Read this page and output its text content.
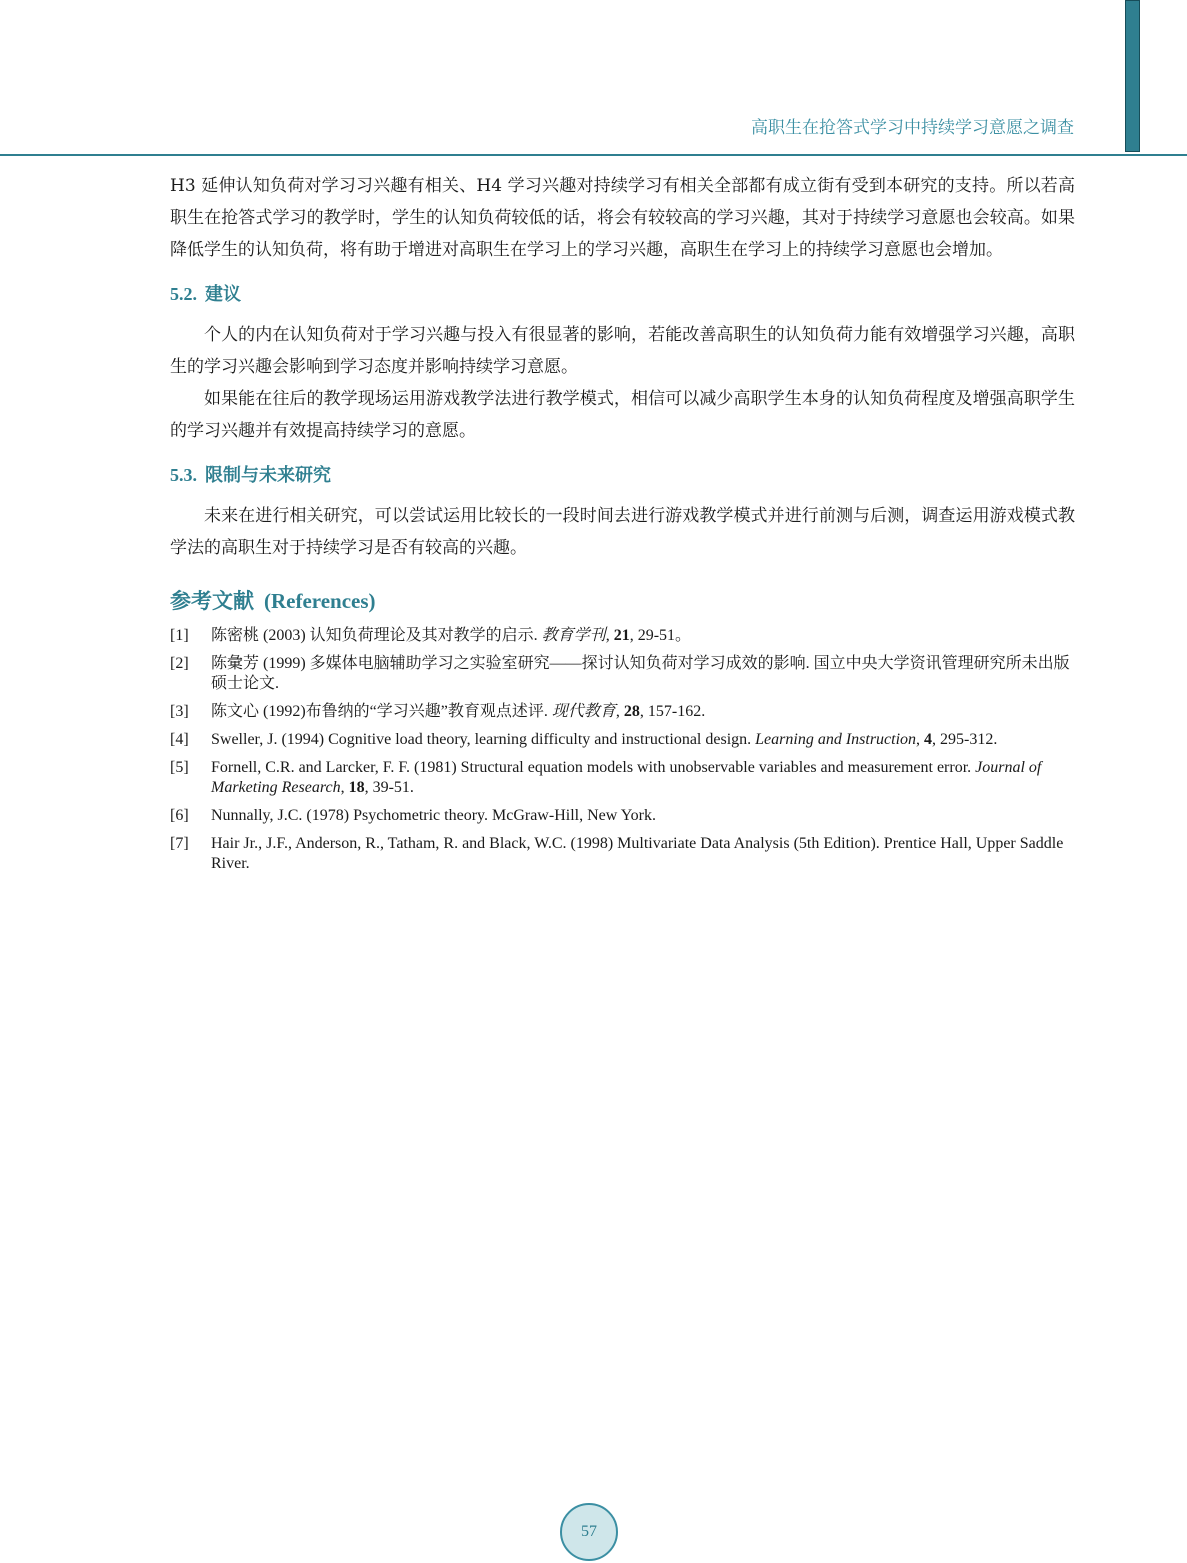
高职生在抢答式学习中持续学习意愿之调查

H3 延伸认知负荷对学习习兴趣有相关、H4 学习兴趣对持续学习有相关全部都有成立街有受到本研究的支持。所以若高职生在抢答式学习的教学时，学生的认知负荷较低的话，将会有较较高的学习兴趣，其对于持续学习意愿也会较高。如果降低学生的认知负荷，将有助于增进对高职生在学习上的学习兴趣，高职生在学习上的持续学习意愿也会增加。

5.2. 建议

个人的内在认知负荷对于学习兴趣与投入有很显著的影响，若能改善高职生的认知负荷力能有效增强学习兴趣，高职生的学习兴趣会影响到学习态度并影响持续学习意愿。

如果能在往后的教学现场运用游戏教学法进行教学模式，相信可以减少高职学生本身的认知负荷程度及增强高职学生的学习兴趣并有效提高持续学习的意愿。

5.3. 限制与未来研究

未来在进行相关研究，可以尝试运用比较长的一段时间去进行游戏教学模式并进行前测与后测，调查运用游戏模式教学法的高职生对于持续学习是否有较高的兴趣。

参考文献 (References)
[1]	陈密桃 (2003) 认知负荷理论及其对教学的启示. 教育学刊, 21, 29-51。
[2]	陈彙芳 (1999) 多媒体电脑辅助学习之实验室研究——探讨认知负荷对学习成效的影响. 国立中央大学资讯管理研究所未出版硕士论文.
[3]	陈文心 (1992)布鲁纳的“学习兴趣”教育观点述评. 现代教育, 28, 157-162.
[4]	Sweller, J. (1994) Cognitive load theory, learning difficulty and instructional design. Learning and Instruction, 4, 295-312.
[5]	Fornell, C.R. and Larcker, F. F. (1981) Structural equation models with unobservable variables and measurement error. Journal of Marketing Research, 18, 39-51.
[6]	Nunnally, J.C. (1978) Psychometric theory. McGraw-Hill, New York.
[7]	Hair Jr., J.F., Anderson, R., Tatham, R. and Black, W.C. (1998) Multivariate Data Analysis (5th Edition). Prentice Hall, Upper Saddle River.
57
